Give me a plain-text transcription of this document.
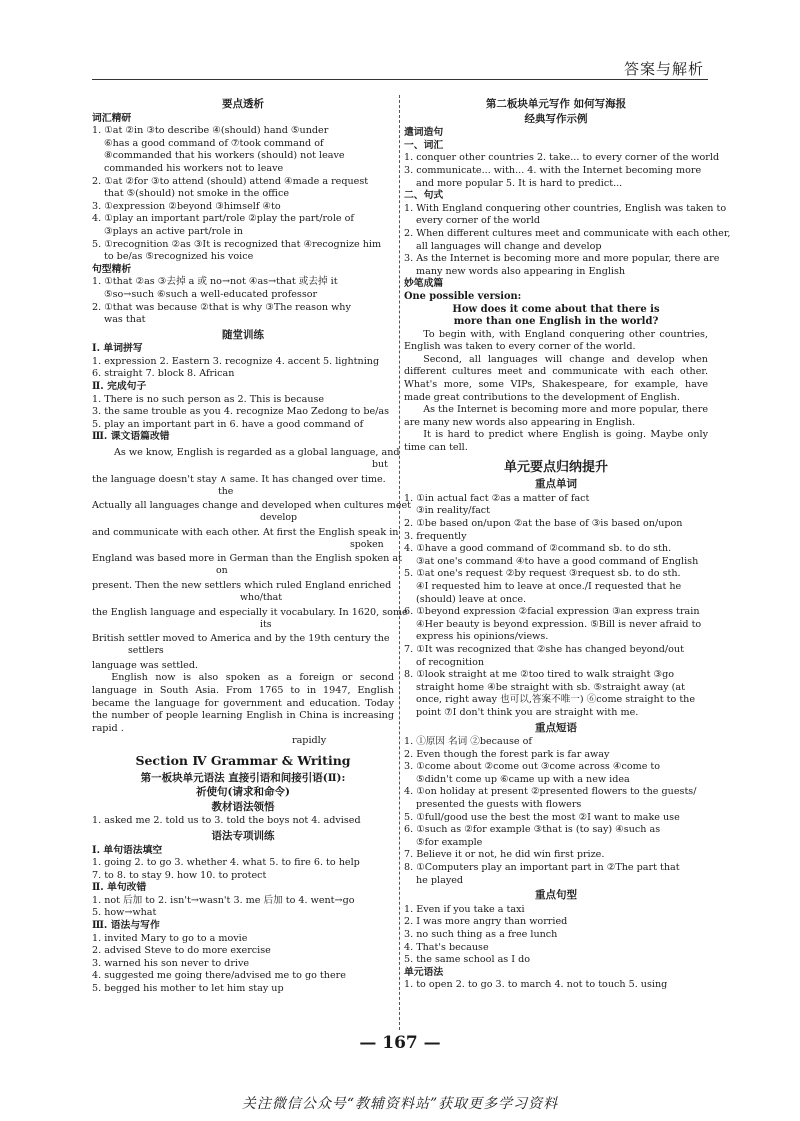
答案与解析
要点透析
词汇精研
1. ①at ②in ③to describe ④(should) hand ⑤under
⑥has a good command of ⑦took command of
⑧commanded that his workers (should) not leave
commanded his workers not to leave
2. ①at ②for ③to attend (should) attend ④made a request
that ⑤(should) not smoke in the office
3. ①expression ②beyond ③himself ④to
4. ①play an important part/role ②play the part/role of
③plays an active part/role in
5. ①recognition ②as ③It is recognized that ④recognize him
to be/as ⑤recognized his voice
句型精析
1. ①that ②as ③去掉 a 或 no→not ④as→that 或去掉 it
⑤so→such ⑥such a well-educated professor
2. ①that was because ②that is why ③The reason why
was that
随堂训练
Ⅰ. 单词拼写
1. expression 2. Eastern 3. recognize 4. accent 5. lightning
6. straight 7. block 8. African
Ⅱ. 完成句子
1. There is no such person as 2. This is because
3. the same trouble as you 4. recognize Mao Zedong to be/as
5. play an important part in 6. have a good command of
Ⅲ. 课文语篇改错
As we know, English is regarded as a global language, and
but
the language doesn't stay ∧ same. It has changed over time.
the
Actually all languages change and developed when cultures meet
develop
and communicate with each other. At first the English speak in
spoken
England was based more in German than the English spoken at
on
present. Then the new settlers which ruled England enriched
who/that
the English language and especially it vocabulary. In 1620, some
its
British settler moved to America and by the 19th century the
settlers
language was settled.
English now is also spoken as a foreign or second language in South Asia. From 1765 to in 1947, English became the language for government and education. Today the number of people learning English in China is increasing rapid .
rapidly
Section Ⅳ Grammar & Writing
第一板块单元语法 直接引语和间接引语(Ⅱ):
祈使句(请求和命令)
教材语法领悟
1. asked me 2. told us to 3. told the boys not 4. advised
语法专项训练
Ⅰ. 单句语法填空
1. going 2. to go 3. whether 4. what 5. to fire 6. to help
7. to 8. to stay 9. how 10. to protect
Ⅱ. 单句改错
1. not 后加 to 2. isn't→wasn't 3. me 后加 to 4. went→go
5. how→what
Ⅲ. 语法与写作
1. invited Mary to go to a movie
2. advised Steve to do more exercise
3. warned his son never to drive
4. suggested me going there/advised me to go there
5. begged his mother to let him stay up
第二板块单元写作 如何写海报
经典写作示例
遣词造句
一、词汇
1. conquer other countries 2. take... to every corner of the world
3. communicate... with... 4. with the Internet becoming more
and more popular 5. It is hard to predict...
二、句式
1. With England conquering other countries, English was taken to
every corner of the world
2. When different cultures meet and communicate with each other,
all languages will change and develop
3. As the Internet is becoming more and more popular, there are
many new words also appearing in English
妙笔成篇
One possible version:
How does it come about that there is
more than one English in the world?
To begin with, with England conquering other countries, English was taken to every corner of the world.
Second, all languages will change and develop when different cultures meet and communicate with each other. What's more, some VIPs, Shakespeare, for example, have made great contributions to the development of English.
As the Internet is becoming more and more popular, there are many new words also appearing in English.
It is hard to predict where English is going. Maybe only time can tell.
单元要点归纳提升
重点单词
1. ①in actual fact ②as a matter of fact
③in reality/fact
2. ①be based on/upon ②at the base of ③is based on/upon
3. frequently
4. ①have a good command of ②command sb. to do sth.
③at one's command ④to have a good command of English
5. ①at one's request ②by request ③request sb. to do sth.
④I requested him to leave at once./I requested that he
(should) leave at once.
6. ①beyond expression ②facial expression ③an express train
④Her beauty is beyond expression. ⑤Bill is never afraid to
express his opinions/views.
7. ①It was recognized that ②she has changed beyond/out
of recognition
8. ①look straight at me ②too tired to walk straight ③go
straight home ④be straight with sb. ⑤straight away (at
once, right away 也可以,答案不唯一) ⑥come straight to the
point ⑦I don't think you are straight with me.
重点短语
1. ①原因 名词 ②because of
2. Even though the forest park is far away
3. ①come about ②come out ③come across ④come to
⑤didn't come up ⑥came up with a new idea
4. ①on holiday at present ②presented flowers to the guests/
presented the guests with flowers
5. ①full/good use the best the most ②I want to make use
6. ①such as ②for example ③that is (to say) ④such as
⑤for example
7. Believe it or not, he did win first prize.
8. ①Computers play an important part in ②The part that
he played
重点句型
1. Even if you take a taxi
2. I was more angry than worried
3. no such thing as a free lunch
4. That's because
5. the same school as I do
单元语法
1. to open 2. to go 3. to march 4. not to touch 5. using
— 167 —
关注微信公众号“教辅资料站”获取更多学习资料
